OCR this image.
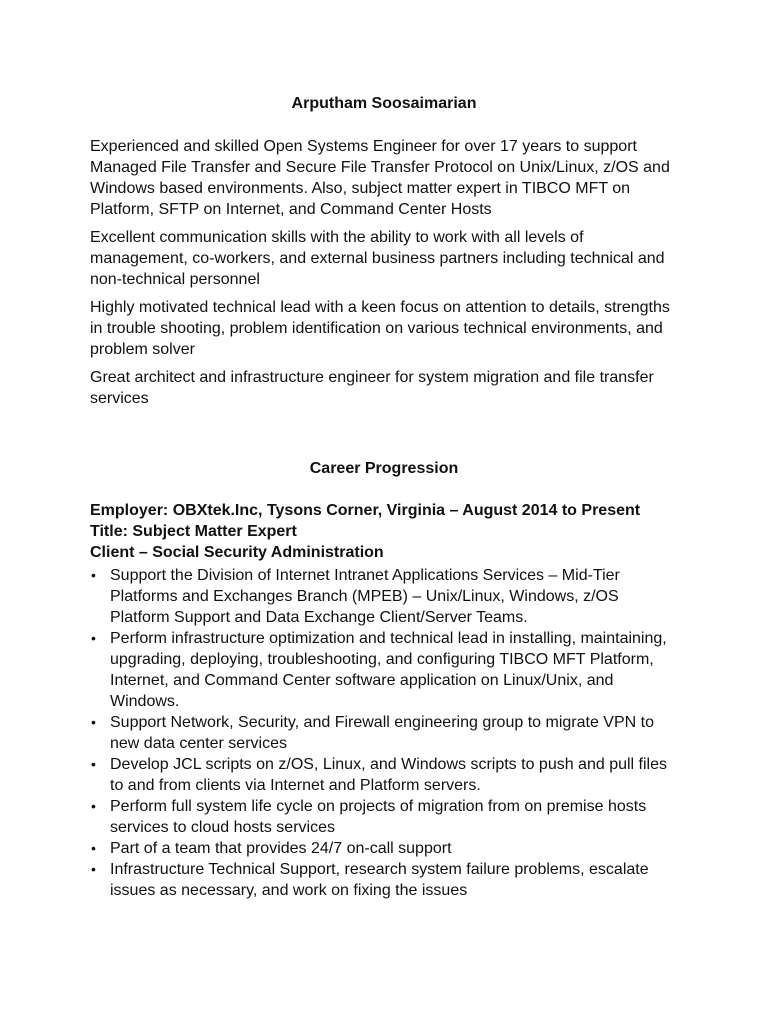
Arputham Soosaimarian

Experienced and skilled Open Systems Engineer for over 17 years to support Managed File Transfer and Secure File Transfer Protocol on Unix/Linux, z/OS and Windows based environments. Also, subject matter expert in TIBCO MFT on Platform, SFTP on Internet, and Command Center Hosts

Excellent communication skills with the ability to work with all levels of management, co-workers, and external business partners including technical and non-technical personnel

Highly motivated technical lead with a keen focus on attention to details, strengths in trouble shooting, problem identification on various technical environments, and problem solver

Great architect and infrastructure engineer for system migration and file transfer services

Career Progression
Employer: OBXtek.Inc, Tysons Corner, Virginia – August 2014 to Present
Title: Subject Matter Expert
Client – Social Security Administration
• Support the Division of Internet Intranet Applications Services – Mid-Tier Platforms and Exchanges Branch (MPEB) – Unix/Linux, Windows, z/OS Platform Support and Data Exchange Client/Server Teams.
• Perform infrastructure optimization and technical lead in installing, maintaining, upgrading, deploying, troubleshooting, and configuring TIBCO MFT Platform, Internet, and Command Center software application on Linux/Unix, and Windows.
• Support Network, Security, and Firewall engineering group to migrate VPN to new data center services
• Develop JCL scripts on z/OS, Linux, and Windows scripts to push and pull files to and from clients via Internet and Platform servers.
• Perform full system life cycle on projects of migration from on premise hosts services to cloud hosts services
• Part of a team that provides 24/7 on-call support
• Infrastructure Technical Support, research system failure problems, escalate issues as necessary, and work on fixing the issues
